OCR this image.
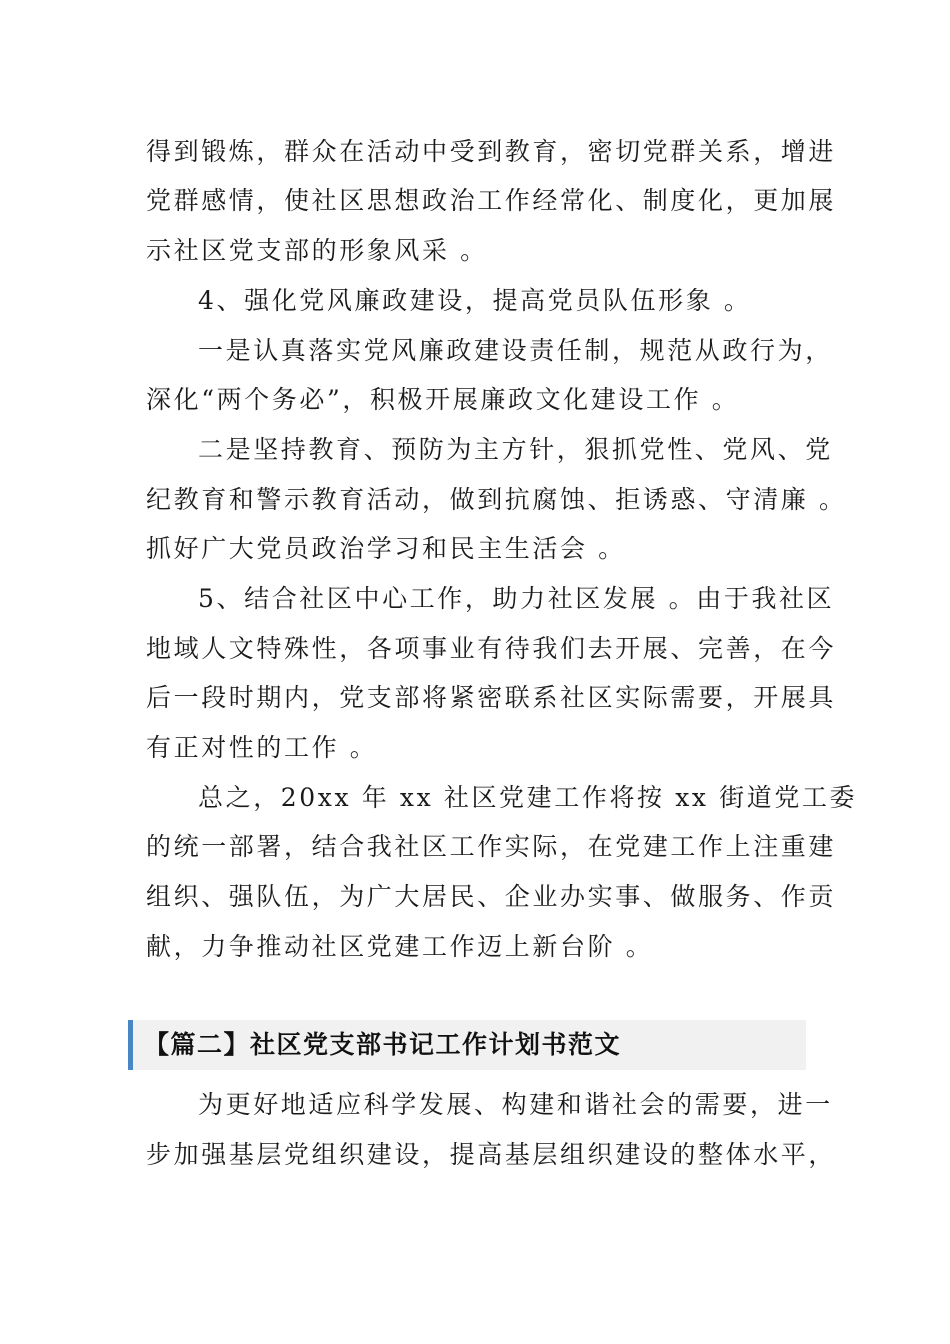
得到锻炼，群众在活动中受到教育，密切党群关系，增进
党群感情，使社区思想政治工作经常化、制度化，更加展
示社区党支部的形象风采 。
4、强化党风廉政建设，提高党员队伍形象 。
一是认真落实党风廉政建设责任制，规范从政行为，
深化“两个务必”，积极开展廉政文化建设工作 。
二是坚持教育、预防为主方针，狠抓党性、党风、党
纪教育和警示教育活动，做到抗腐蚀、拒诱惑、守清廉 。
抓好广大党员政治学习和民主生活会 。
5、结合社区中心工作，助力社区发展 。由于我社区
地域人文特殊性，各项事业有待我们去开展、完善，在今
后一段时期内，党支部将紧密联系社区实际需要，开展具
有正对性的工作 。
总之，20xx 年 xx 社区党建工作将按 xx 街道党工委
的统一部署，结合我社区工作实际，在党建工作上注重建
组织、强队伍，为广大居民、企业办实事、做服务、作贡
献，力争推动社区党建工作迈上新台阶 。
【篇二】社区党支部书记工作计划书范文
为更好地适应科学发展、构建和谐社会的需要，进一
步加强基层党组织建设，提高基层组织建设的整体水平，
